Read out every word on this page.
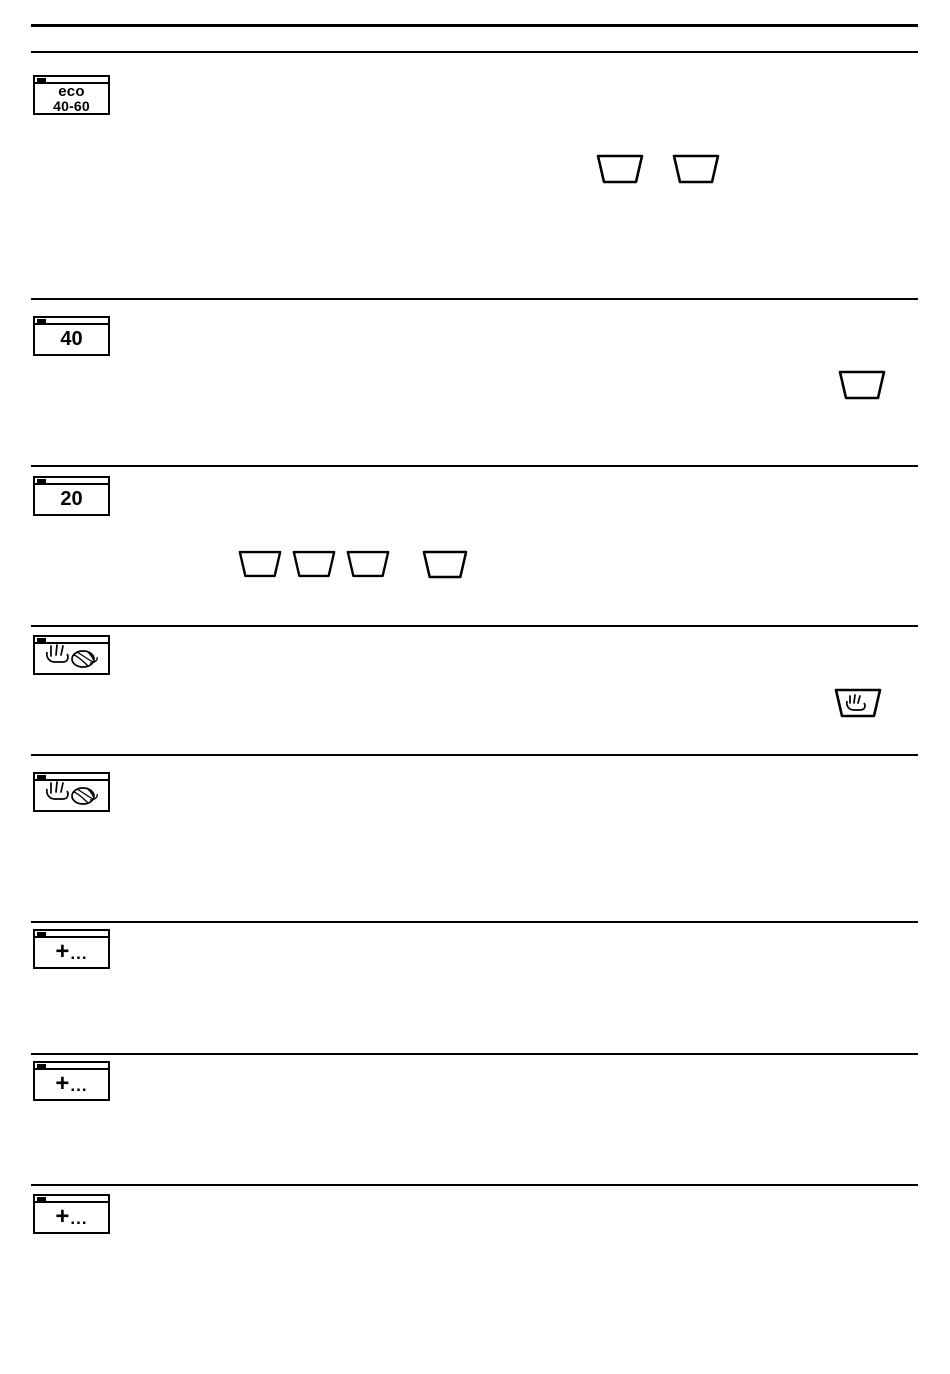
eco
40-60
40
20
+ ...
+ ...
+ ...
